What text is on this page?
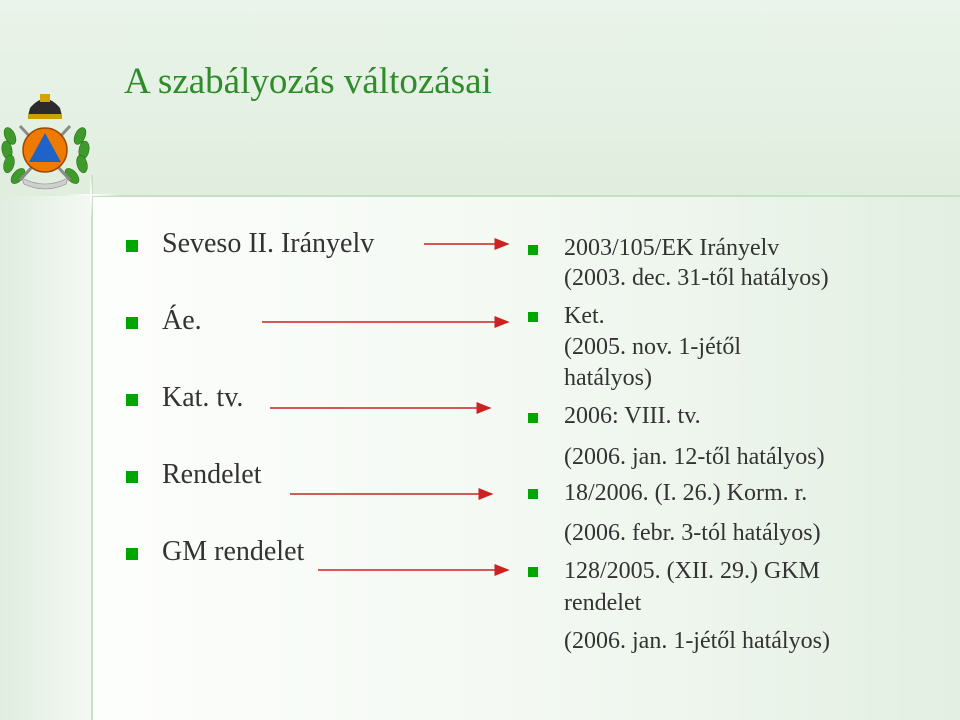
A szabályozás változásai
Seveso II. Irányelv
Áe.
Kat. tv.
Rendelet
GM rendelet
2003/105/EK Irányelv
(2003. dec. 31-től hatályos)
Ket.
(2005. nov. 1-jétől
hatályos)
2006: VIII. tv.
(2006. jan. 12-től hatályos)
18/2006. (I. 26.) Korm. r.
(2006. febr. 3-tól hatályos)
128/2005. (XII. 29.) GKM
rendelet
(2006. jan. 1-jétől hatályos)
